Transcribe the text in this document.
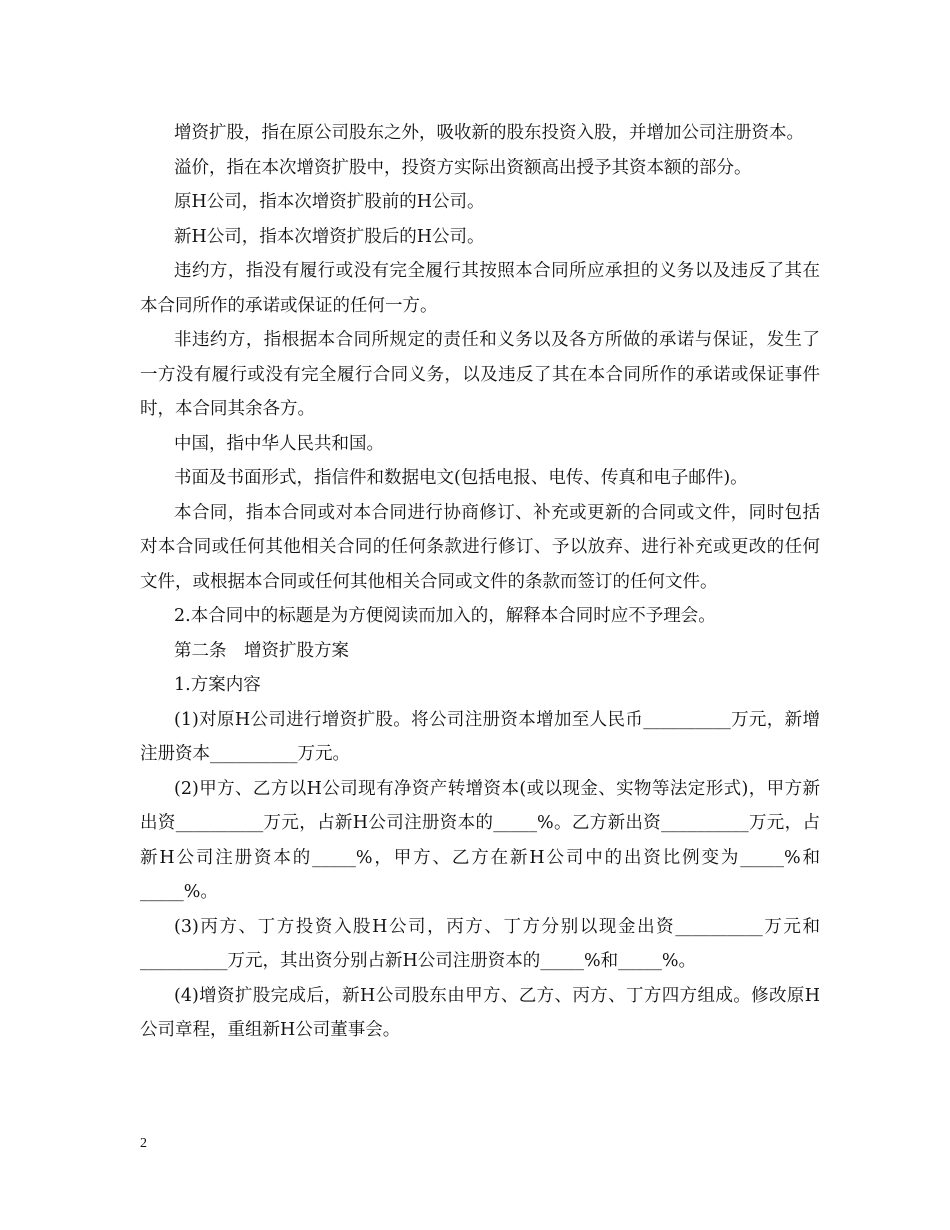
增资扩股，指在原公司股东之外，吸收新的股东投资入股，并增加公司注册资本。

溢价，指在本次增资扩股中，投资方实际出资额高出授予其资本额的部分。

原H公司，指本次增资扩股前的H公司。

新H公司，指本次增资扩股后的H公司。

违约方，指没有履行或没有完全履行其按照本合同所应承担的义务以及违反了其在本合同所作的承诺或保证的任何一方。

非违约方，指根据本合同所规定的责任和义务以及各方所做的承诺与保证，发生了一方没有履行或没有完全履行合同义务，以及违反了其在本合同所作的承诺或保证事件时，本合同其余各方。

中国，指中华人民共和国。

书面及书面形式，指信件和数据电文(包括电报、电传、传真和电子邮件)。

本合同，指本合同或对本合同进行协商修订、补充或更新的合同或文件，同时包括对本合同或任何其他相关合同的任何条款进行修订、予以放弃、进行补充或更改的任何文件，或根据本合同或任何其他相关合同或文件的条款而签订的任何文件。

2.本合同中的标题是为方便阅读而加入的，解释本合同时应不予理会。

第二条　增资扩股方案

1.方案内容

(1)对原H公司进行增资扩股。将公司注册资本增加至人民币__________万元，新增注册资本__________万元。

(2)甲方、乙方以H公司现有净资产转增资本(或以现金、实物等法定形式)，甲方新出资__________万元，占新H公司注册资本的_____%。乙方新出资__________万元，占新H公司注册资本的_____%，甲方、乙方在新H公司中的出资比例变为_____%和_____%。

(3)丙方、丁方投资入股H公司，丙方、丁方分别以现金出资__________万元和__________万元，其出资分别占新H公司注册资本的_____%和_____%。

(4)增资扩股完成后，新H公司股东由甲方、乙方、丙方、丁方四方组成。修改原H公司章程，重组新H公司董事会。

2
